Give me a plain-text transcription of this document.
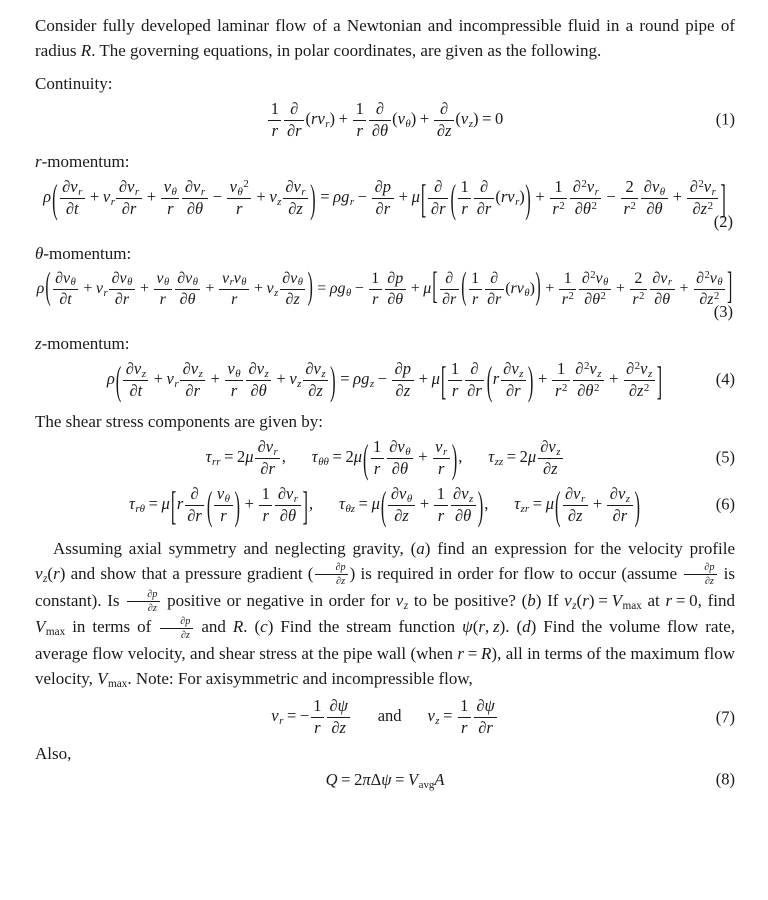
Consider fully developed laminar flow of a Newtonian and incompressible fluid in a round pipe of radius R. The governing equations, in polar coordinates, are given as the following.

Continuity:
$\frac{1}{r} \frac{\partial}{\partial r} (rv_r) + \frac{1}{r} \frac{\partial}{\partial\theta} (v_\theta) + \frac{\partial}{\partial z} (v_z) = 0$	(1)
r-momentum:
$\rho( \frac{\partial v_r}{\partial t} + v_r \frac{\partial v_r}{\partial r} + \frac{v_\theta}{r} \frac{\partial v_r}{\partial\theta} - \frac{v_\theta^2}{r} + v_z \frac{\partial v_r}{\partial z}$ ) = $\rho g_r - \frac{\partial p}{\partial r} + \mu[ \frac{\partial}{\partial r}$ ( $\frac{1}{r} \frac{\partial}{\partial r} (rv_r)) + \frac{1}{r^2} \frac{\partial^2v_r}{\partial\theta^2} - \frac{2}{r^2} \frac{\partial v_\theta}{\partial\theta} + \frac{\partial^2v_r}{\partial z^2}$ ]
(2)
θ-momentum:
$\rho( \frac{\partial v_\theta}{\partial t} + v_r \frac{\partial v_\theta}{\partial r} + \frac{v_\theta}{r} \frac{\partial v_\theta}{\partial\theta} + \frac{v_rv_\theta}{r} + v_z \frac{\partial v_\theta}{\partial z}$ ) = $\rho g_\theta - \frac{1}{r} \frac{\partial p}{\partial\theta} + \mu[ \frac{\partial}{\partial r}$ ( $\frac{1}{r} \frac{\partial}{\partial r} (rv_\theta)) + \frac{1}{r^2} \frac{\partial^2v_\theta}{\partial\theta^2} + \frac{2}{r^2} \frac{\partial v_r}{\partial\theta} + \frac{\partial^2v_\theta}{\partial z^2}$ ]
(3)
z-momentum:
$\rho( \frac{\partial v_z}{\partial t} + v_r \frac{\partial v_z}{\partial r} + \frac{v_\theta}{r} \frac{\partial v_z}{\partial\theta} + v_z \frac{\partial v_z}{\partial z}$ ) = $\rho g_z - \frac{\partial p}{\partial z} + \mu[ \frac{1}{r} \frac{\partial}{\partial r} (r \frac{\partial v_z}{\partial r}$ ) + $\frac{1}{r^2} \frac{\partial^2v_z}{\partial\theta^2} + \frac{\partial^2v_z}{\partial z^2}$ ]	(4)
The shear stress components are given by:
$\tau_{rr} = 2\mu \frac{\partial v_r}{\partial r}$ , $\tau_{\theta\theta} = 2\mu( \frac{1}{r} \frac{\partial v_\theta}{\partial\theta} + \frac{v_r}{r}$ ), $\tau_{zz} = 2\mu \frac{\partial v_z}{\partial z}$	(5)
$\tau_{r\theta} = \mu[r \frac{\partial}{\partial r}$ ( $\frac{v_\theta}{r}$ ) + $\frac{1}{r} \frac{\partial v_r}{\partial\theta}$ ], $\tau_{\theta z} = \mu( \frac{\partial v_\theta}{\partial z} + \frac{1}{r} \frac{\partial v_z}{\partial\theta}$ ), $\tau_{zr} = \mu( \frac{\partial v_r}{\partial z} + \frac{\partial v_z}{\partial r}$ )	(6)

Assuming axial symmetry and neglecting gravity, (a) find an expression for the velocity profile $v_z(r)$ and show that a pressure gradient ( $\frac{\partial p}{\partial z}$ ) is required in order for flow to occur (assume $\frac{\partial p}{\partial z}$ is constant). Is $\frac{\partial p}{\partial z}$ positive or negative in order for $v_z$ to be positive? (b) If $v_z(r) = V_{max}$ at r = 0, find $V_{max}$ in terms of $\frac{\partial p}{\partial z}$ and R. (c) Find the stream function ψ(r, z). (d) Find the volume flow rate, average flow velocity, and shear stress at the pipe wall (when r = R), all in terms of the maximum flow velocity, $V_{max}$. Note: For axisymmetric and incompressible flow,

$v_r$ = − $\frac{1}{r} \frac{\partial\psi}{\partial z}$ and $v_z = \frac{1}{r} \frac{\partial\psi}{\partial r}$	(7)
Also,
$Q = 2\pi\Delta\psi = V_{avg}A$	(8)
